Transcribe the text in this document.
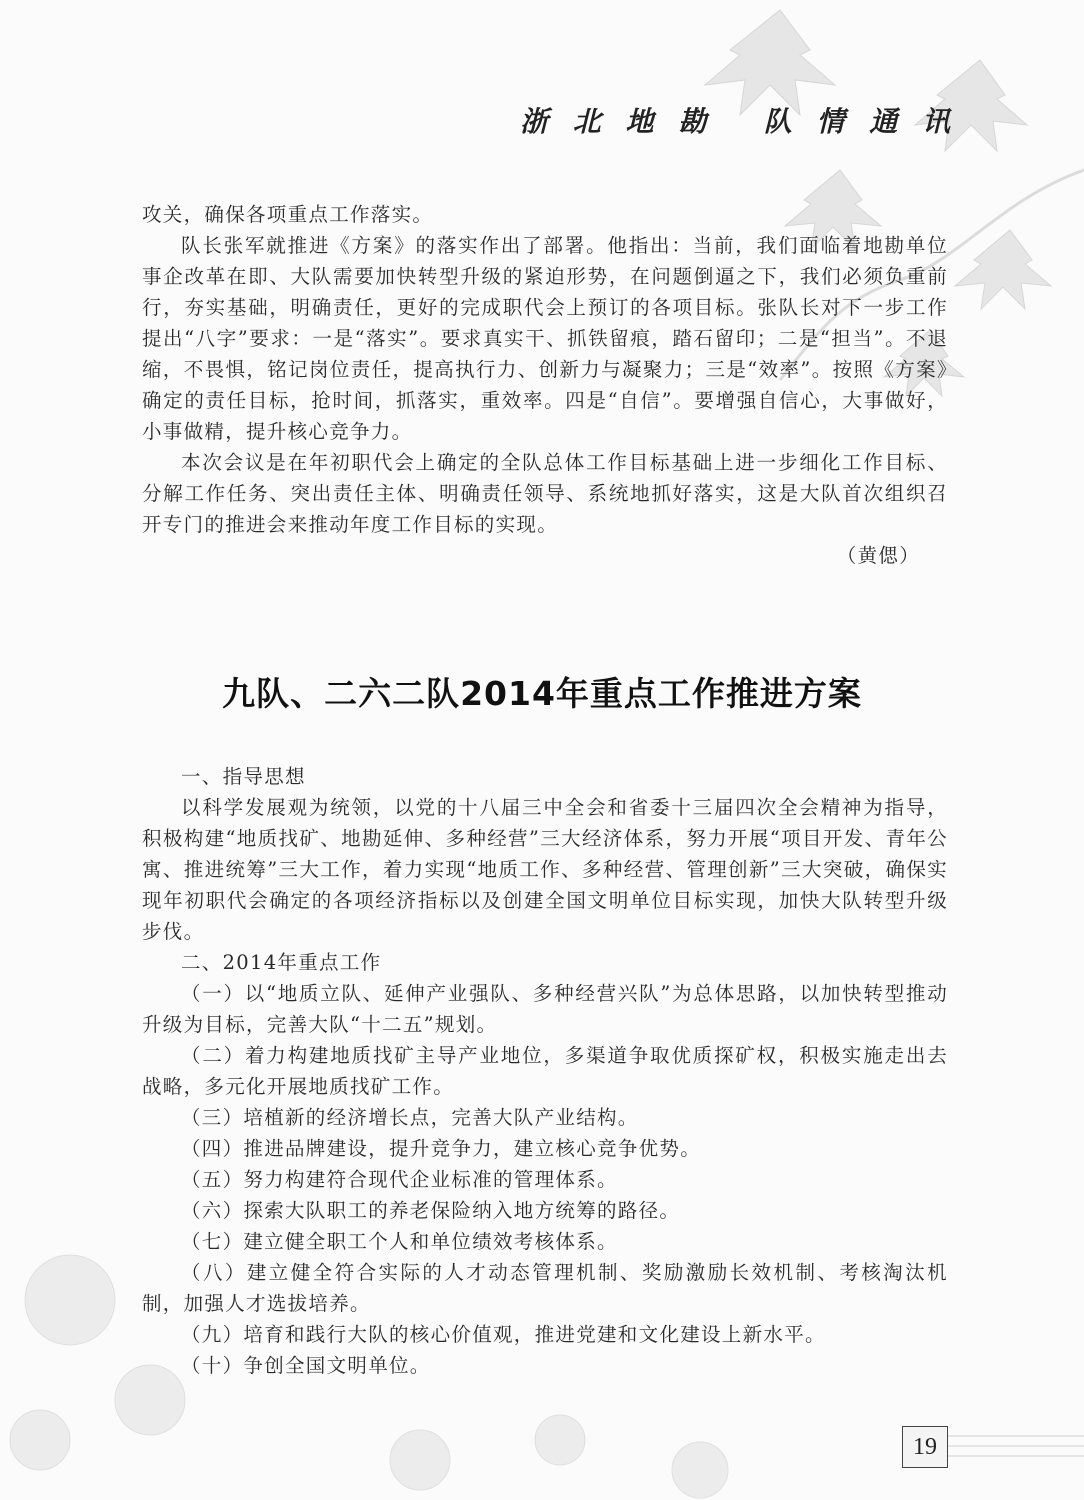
浙 北 地 勘 队 情 通 讯

攻关，确保各项重点工作落实。

队长张军就推进《方案》的落实作出了部署。他指出：当前，我们面临着地勘单位事企改革在即、大队需要加快转型升级的紧迫形势，在问题倒逼之下，我们必须负重前行，夯实基础，明确责任，更好的完成职代会上预订的各项目标。张队长对下一步工作提出“八字”要求：一是“落实”。要求真实干、抓铁留痕，踏石留印；二是“担当”。不退缩，不畏惧，铭记岗位责任，提高执行力、创新力与凝聚力；三是“效率”。按照《方案》确定的责任目标，抢时间，抓落实，重效率。四是“自信”。要增强自信心，大事做好，小事做精，提升核心竞争力。

本次会议是在年初职代会上确定的全队总体工作目标基础上进一步细化工作目标、分解工作任务、突出责任主体、明确责任领导、系统地抓好落实，这是大队首次组织召开专门的推进会来推动年度工作目标的实现。

（黄偲）

九队、二六二队2014年重点工作推进方案

一、指导思想

以科学发展观为统领，以党的十八届三中全会和省委十三届四次全会精神为指导，积极构建“地质找矿、地勘延伸、多种经营”三大经济体系，努力开展“项目开发、青年公寓、推进统筹”三大工作，着力实现“地质工作、多种经营、管理创新”三大突破，确保实现年初职代会确定的各项经济指标以及创建全国文明单位目标实现，加快大队转型升级步伐。

二、2014年重点工作

（一）以“地质立队、延伸产业强队、多种经营兴队”为总体思路，以加快转型推动升级为目标，完善大队“十二五”规划。

（二）着力构建地质找矿主导产业地位，多渠道争取优质探矿权，积极实施走出去战略，多元化开展地质找矿工作。

（三）培植新的经济增长点，完善大队产业结构。

（四）推进品牌建设，提升竞争力，建立核心竞争优势。

（五）努力构建符合现代企业标准的管理体系。

（六）探索大队职工的养老保险纳入地方统筹的路径。

（七）建立健全职工个人和单位绩效考核体系。

（八）建立健全符合实际的人才动态管理机制、奖励激励长效机制、考核淘汰机制，加强人才选拔培养。

（九）培育和践行大队的核心价值观，推进党建和文化建设上新水平。

（十）争创全国文明单位。

19
